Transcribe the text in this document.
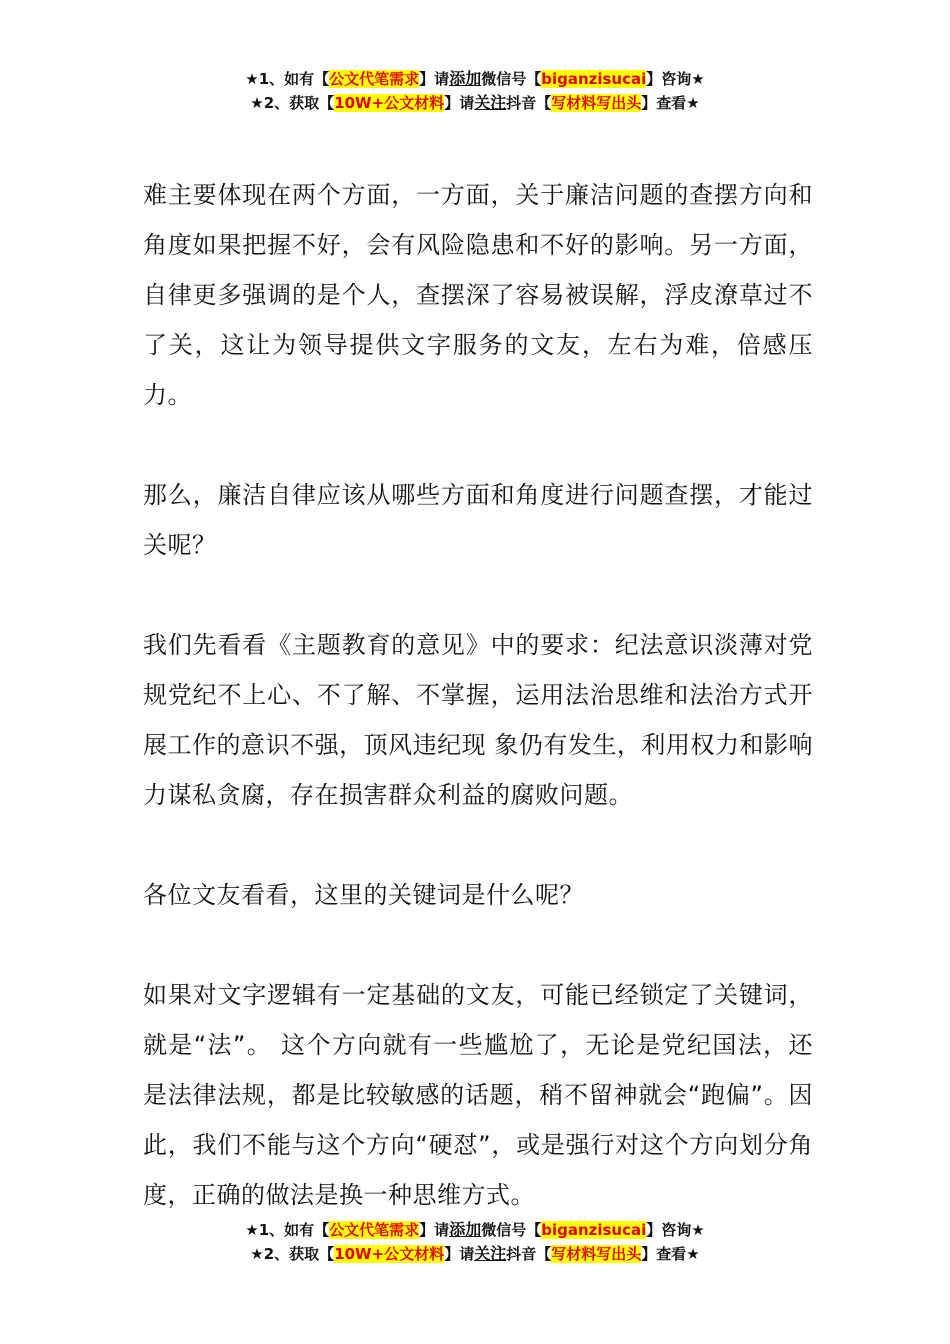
★1、如有【公文代笔需求】请添加微信号【biganzisucai】咨询★
★2、获取【10W+公文材料】请关注抖音【写材料写出头】查看★

难主要体现在两个方面，一方面，关于廉洁问题的查摆方向和角度如果把握不好，会有风险隐患和不好的影响。另一方面，自律更多强调的是个人，查摆深了容易被误解，浮皮潦草过不了关，这让为领导提供文字服务的文友，左右为难，倍感压力。

那么，廉洁自律应该从哪些方面和角度进行问题查摆，才能过关呢？

我们先看看《主题教育的意见》中的要求：纪法意识淡薄对党规党纪不上心、不了解、不掌握，运用法治思维和法治方式开展工作的意识不强，顶风违纪现 象仍有发生，利用权力和影响力谋私贪腐，存在损害群众利益的腐败问题。

各位文友看看，这里的关键词是什么呢？

如果对文字逻辑有一定基础的文友，可能已经锁定了关键词，就是“法”。 这个方向就有一些尴尬了，无论是党纪国法，还是法律法规，都是比较敏感的话题，稍不留神就会“跑偏”。因此，我们不能与这个方向“硬怼”，或是强行对这个方向划分角度，正确的做法是换一种思维方式。

★1、如有【公文代笔需求】请添加微信号【biganzisucai】咨询★
★2、获取【10W+公文材料】请关注抖音【写材料写出头】查看★
